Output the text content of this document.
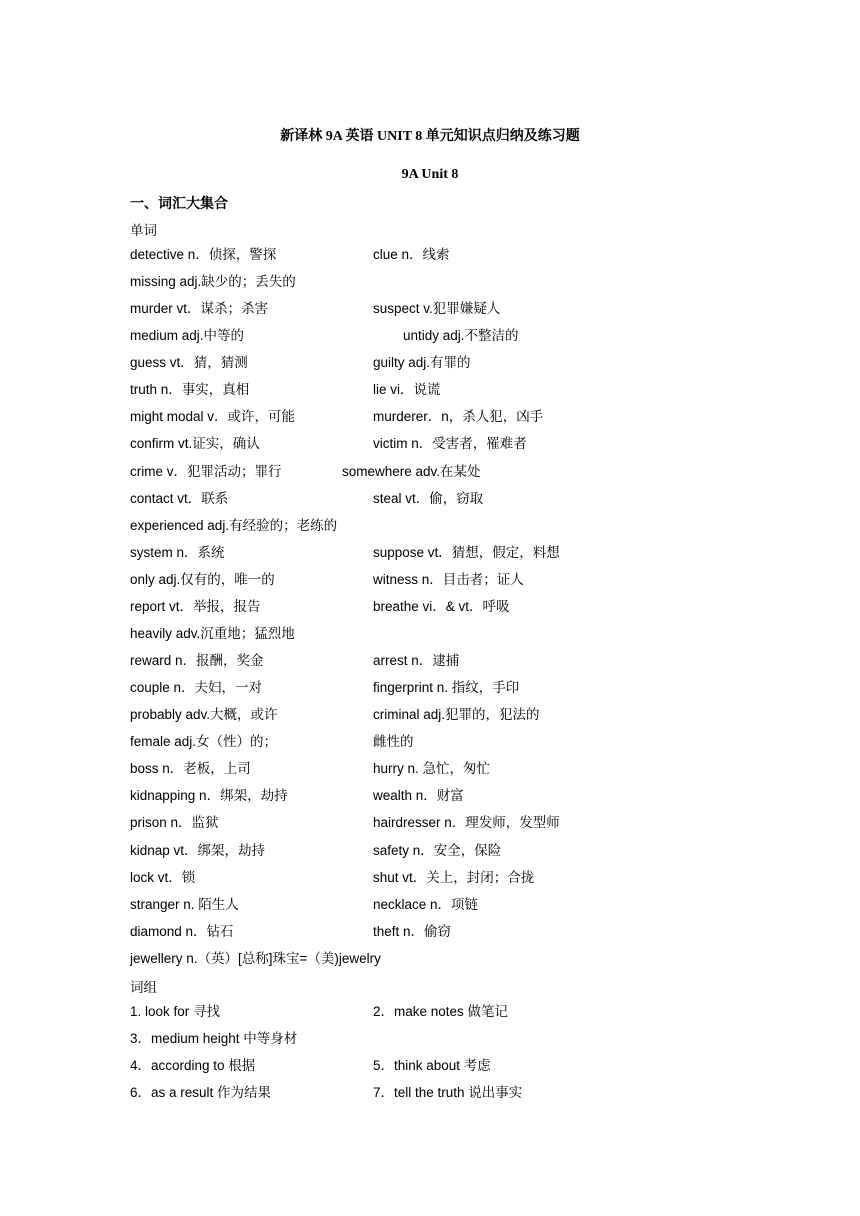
新译林 9A 英语 UNIT 8 单元知识点归纳及练习题
9A Unit 8
一、词汇大集合
单词
detective n．侦探，警探	clue n．线索
missing adj.缺少的；丢失的
murder vt．谋杀；杀害	suspect v.犯罪嫌疑人
medium adj.中等的	untidy adj.不整洁的
guess vt．猜，猜测	guilty adj.有罪的
truth n．事实，真相	lie vi．说谎
might modal v．或许，可能	murderer．n，杀人犯，凶手
confirm vt.证实，确认	victim n．受害者，罹难者
crime v．犯罪活动；罪行	somewhere adv.在某处
contact vt．联系	steal vt．偷，窃取
experienced adj.有经验的；老练的
system n．系统	suppose vt．猜想，假定，料想
only adj.仅有的，唯一的	witness n．目击者；证人
report vt．举报，报告	breathe vi．& vt．呼吸
heavily adv.沉重地；猛烈地
reward n．报酬，奖金	arrest n．逮捕
couple n．夫妇，一对	fingerprint n. 指纹，手印
probably adv.大概，或许	criminal adj.犯罪的，犯法的
female adj.女（性）的；	雌性的
boss n．老板，上司	hurry n. 急忙，匆忙
kidnapping n．绑架，劫持	wealth n．财富
prison n．监狱	hairdresser n．理发师，发型师
kidnap vt．绑架，劫持	safety n．安全，保险
lock vt．锁	shut vt．关上，封闭；合拢
stranger n. 陌生人	necklace n．项链
diamond n．钻石	theft n．偷窃
jewellery n.（英）[总称]珠宝=（美)jewelry
词组
1. look for 寻找	2．make notes 做笔记
3．medium height 中等身材
4．according to 根据	5．think about 考虑
6．as a result 作为结果	7．tell the truth 说出事实
